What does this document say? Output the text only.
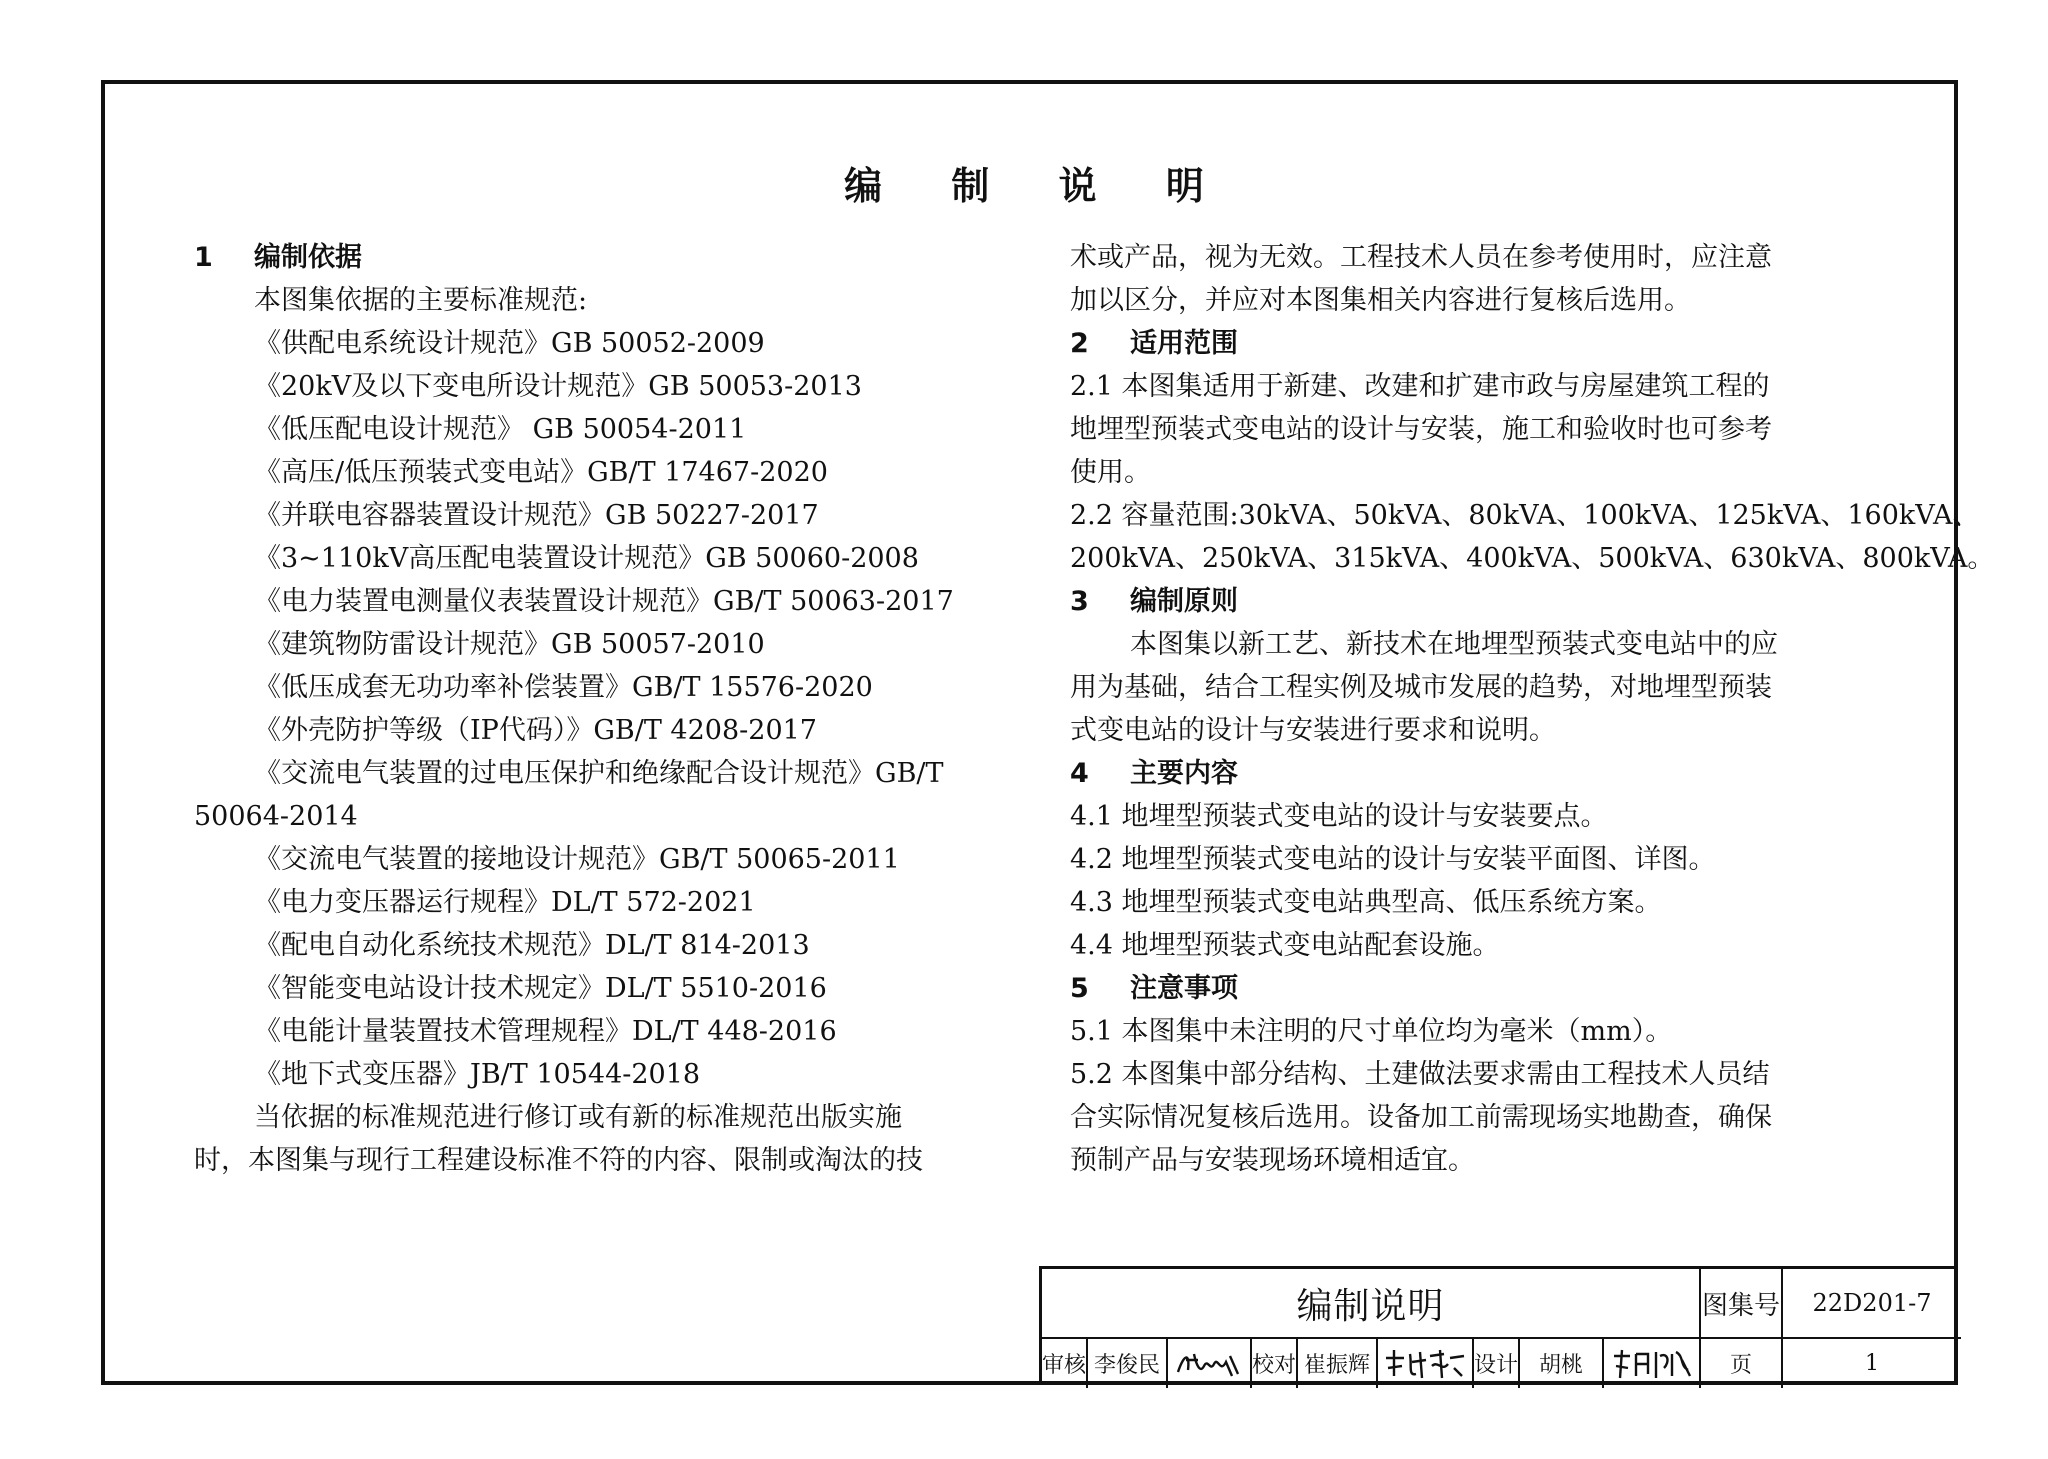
编 制 说 明
1 编制依据
本图集依据的主要标准规范:
《供配电系统设计规范》GB 50052-2009
《20kV及以下变电所设计规范》GB 50053-2013
《低压配电设计规范》 GB 50054-2011
《高压/低压预装式变电站》GB/T 17467-2020
《并联电容器装置设计规范》GB 50227-2017
《3~110kV高压配电装置设计规范》GB 50060-2008
《电力装置电测量仪表装置设计规范》GB/T 50063-2017
《建筑物防雷设计规范》GB 50057-2010
《低压成套无功功率补偿装置》GB/T 15576-2020
《外壳防护等级（IP代码）》GB/T 4208-2017
《交流电气装置的过电压保护和绝缘配合设计规范》GB/T
50064-2014
《交流电气装置的接地设计规范》GB/T 50065-2011
《电力变压器运行规程》DL/T 572-2021
《配电自动化系统技术规范》DL/T 814-2013
《智能变电站设计技术规定》DL/T 5510-2016
《电能计量装置技术管理规程》DL/T 448-2016
《地下式变压器》JB/T 10544-2018
当依据的标准规范进行修订或有新的标准规范出版实施
时，本图集与现行工程建设标准不符的内容、限制或淘汰的技
术或产品，视为无效。工程技术人员在参考使用时，应注意
加以区分，并应对本图集相关内容进行复核后选用。
2 适用范围
2.1 本图集适用于新建、改建和扩建市政与房屋建筑工程的
地埋型预装式变电站的设计与安装，施工和验收时也可参考
使用。
2.2 容量范围:30kVA、50kVA、80kVA、100kVA、125kVA、160kVA、
200kVA、250kVA、315kVA、400kVA、500kVA、630kVA、800kVA。
3 编制原则
本图集以新工艺、新技术在地埋型预装式变电站中的应
用为基础，结合工程实例及城市发展的趋势，对地埋型预装
式变电站的设计与安装进行要求和说明。
4 主要内容
4.1 地埋型预装式变电站的设计与安装要点。
4.2 地埋型预装式变电站的设计与安装平面图、详图。
4.3 地埋型预装式变电站典型高、低压系统方案。
4.4 地埋型预装式变电站配套设施。
5 注意事项
5.1 本图集中未注明的尺寸单位均为毫米（mm）。
5.2 本图集中部分结构、土建做法要求需由工程技术人员结
合实际情况复核后选用。设备加工前需现场实地勘查，确保
预制产品与安装现场环境相适宜。
编制说明	图集号	22D201-7
审核 李俊民	校对 崔振辉	设计 胡桃	页	1
